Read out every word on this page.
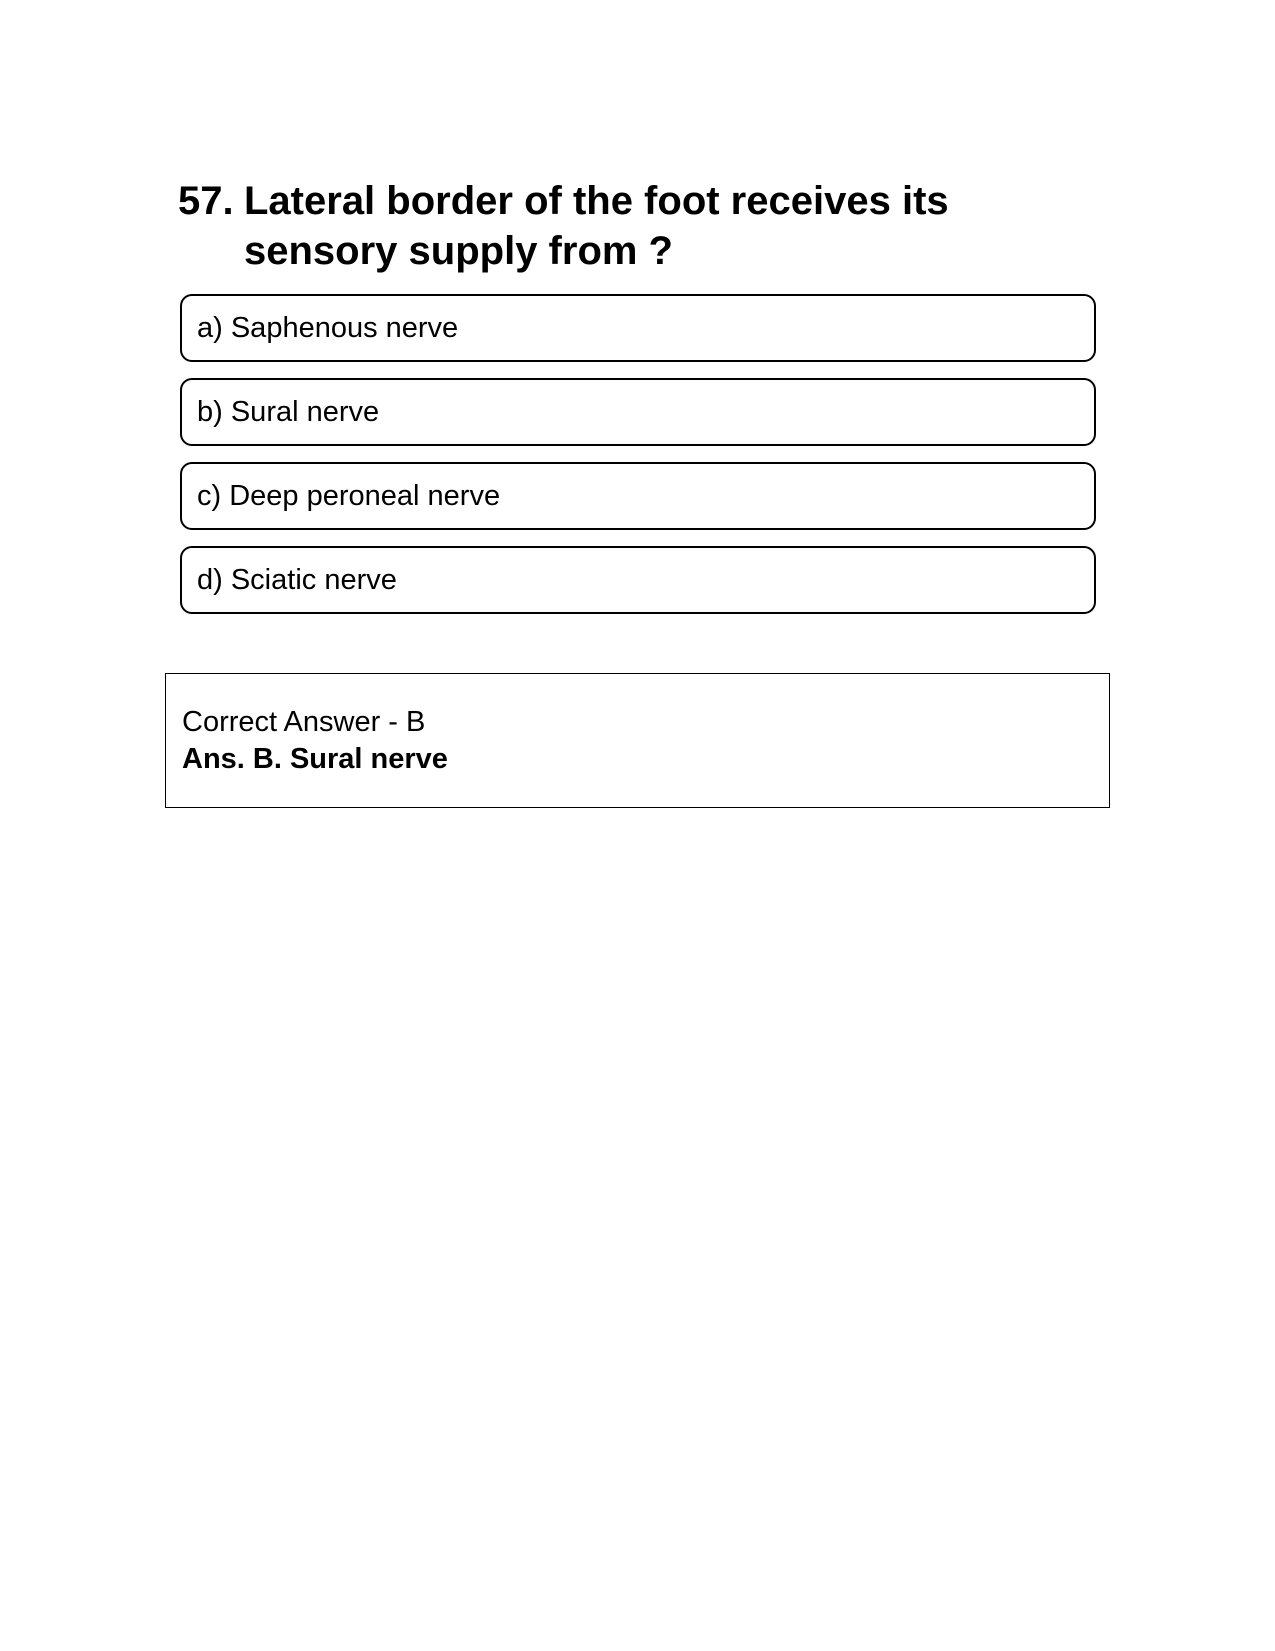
57. Lateral border of the foot receives its sensory supply from ?
a) Saphenous nerve
b) Sural nerve
c) Deep peroneal nerve
d) Sciatic nerve
Correct Answer - B
Ans. B. Sural nerve
